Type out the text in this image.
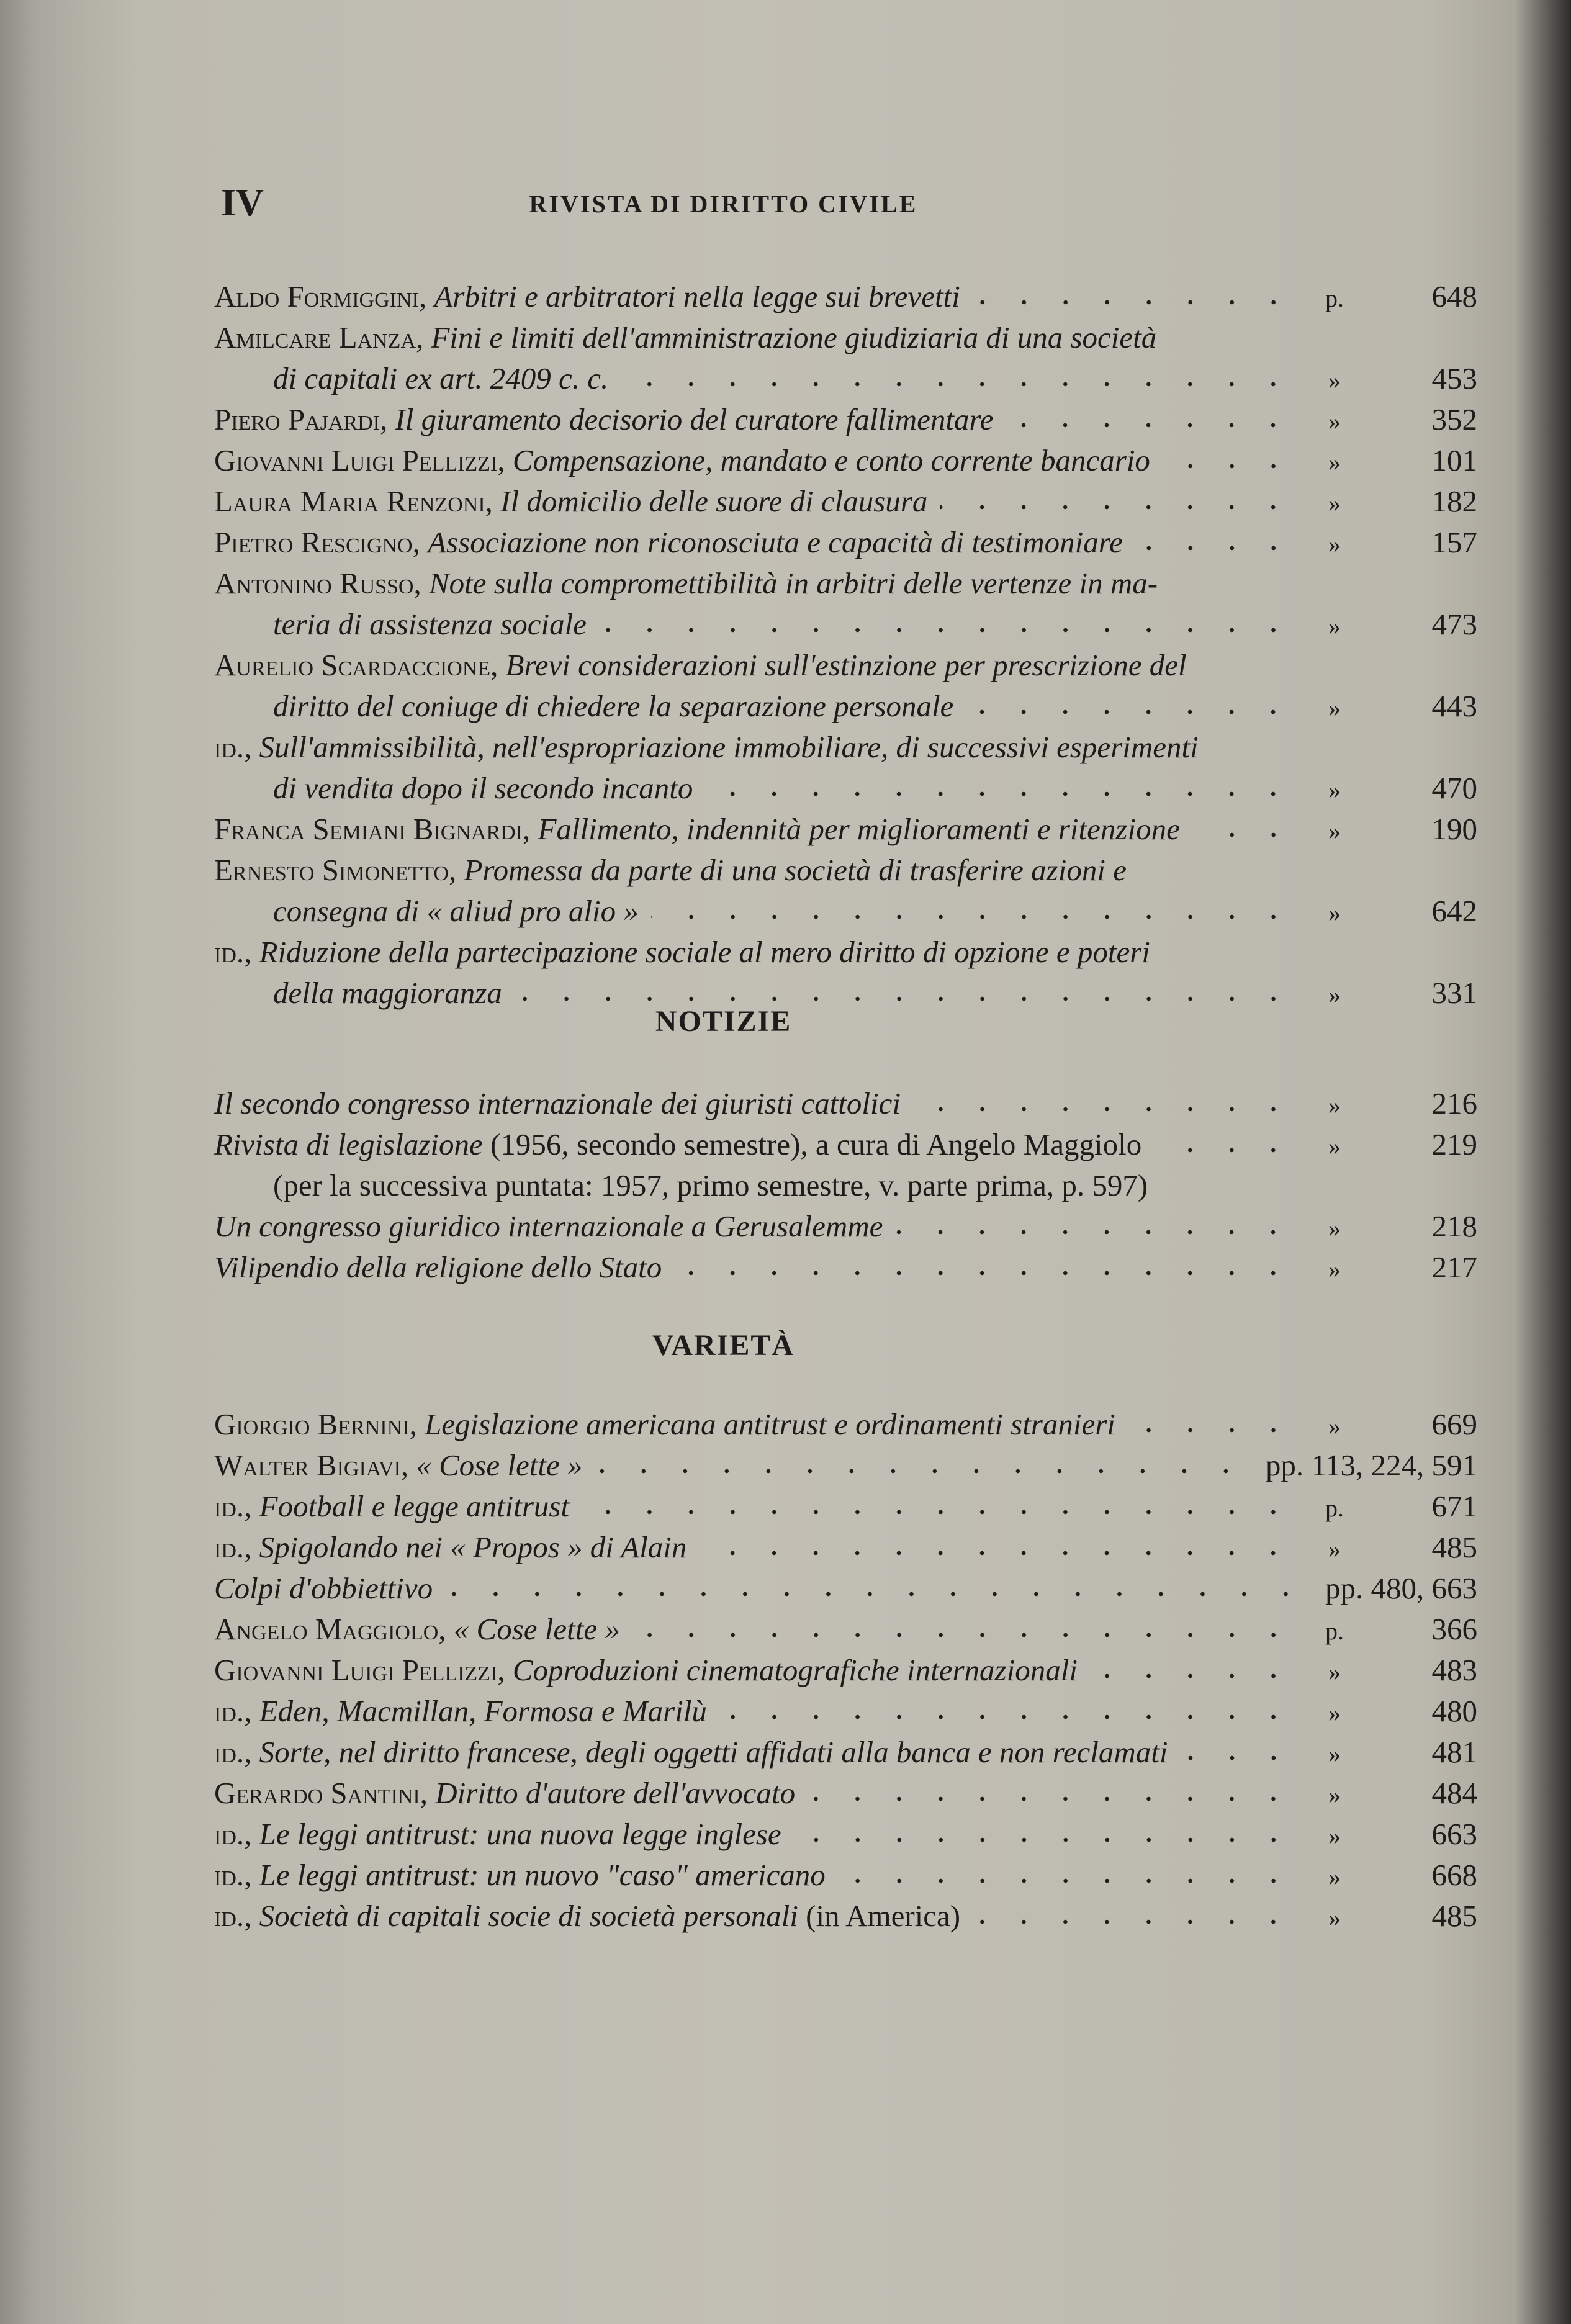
IV	RIVISTA DI DIRITTO CIVILE
Aldo Formiggini, Arbitri e arbitratori nella legge sui brevetti	p.	648
Amilcare Lanza, Fini e limiti dell'amministrazione giudiziaria di una società
di capitali ex art. 2409 c. c.	»	453
Piero Pajardi, Il giuramento decisorio del curatore fallimentare	»	352
Giovanni Luigi Pellizzi, Compensazione, mandato e conto corrente bancario	»	101
Laura Maria Renzoni, Il domicilio delle suore di clausura	»	182
Pietro Rescigno, Associazione non riconosciuta e capacità di testimoniare	»	157
Antonino Russo, Note sulla compromettibilità in arbitri delle vertenze in ma-
teria di assistenza sociale	»	473
Aurelio Scardaccione, Brevi considerazioni sull'estinzione per prescrizione del
diritto del coniuge di chiedere la separazione personale	»	443
id., Sull'ammissibilità, nell'espropriazione immobiliare, di successivi esperimenti
di vendita dopo il secondo incanto	»	470
Franca Semiani Bignardi, Fallimento, indennità per miglioramenti e ritenzione	»	190
Ernesto Simonetto, Promessa da parte di una società di trasferire azioni e
consegna di « aliud pro alio »	»	642
id., Riduzione della partecipazione sociale al mero diritto di opzione e poteri
della maggioranza	»	331
NOTIZIE
Il secondo congresso internazionale dei giuristi cattolici	»	216
Rivista di legislazione (1956, secondo semestre), a cura di Angelo Maggiolo	»	219
(per la successiva puntata: 1957, primo semestre, v. parte prima, p. 597)
Un congresso giuridico internazionale a Gerusalemme	»	218
Vilipendio della religione dello Stato	»	217
VARIETÀ
Giorgio Bernini, Legislazione americana antitrust e ordinamenti stranieri	»	669
Walter Bigiavi, « Cose lette »	pp. 113, 224, 591
id., Football e legge antitrust	p.	671
id., Spigolando nei « Propos » di Alain	»	485
Colpi d'obbiettivo	pp. 480, 663
Angelo Maggiolo, « Cose lette »	p.	366
Giovanni Luigi Pellizzi, Coproduzioni cinematografiche internazionali	»	483
id., Eden, Macmillan, Formosa e Marilù	»	480
id., Sorte, nel diritto francese, degli oggetti affidati alla banca e non reclamati	»	481
Gerardo Santini, Diritto d'autore dell'avvocato	»	484
id., Le leggi antitrust: una nuova legge inglese	»	663
id., Le leggi antitrust: un nuovo "caso" americano	»	668
id., Società di capitali socie di società personali (in America)	»	485
